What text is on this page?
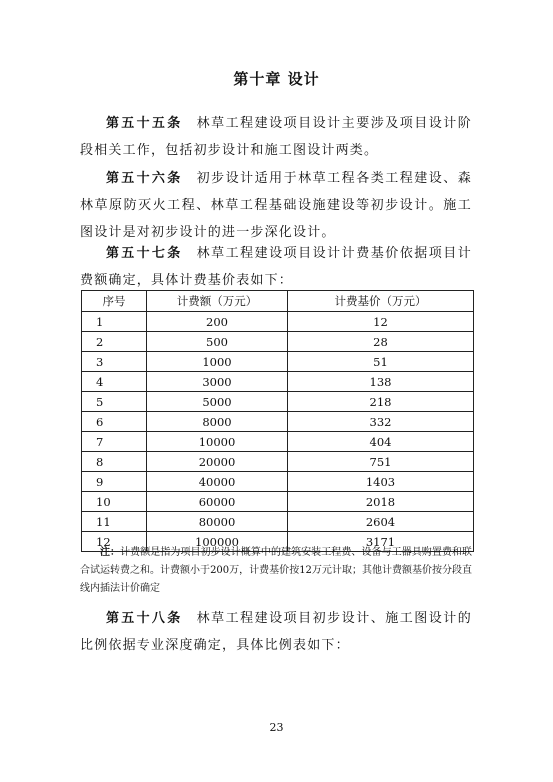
第十章 设计
第五十五条 林草工程建设项目设计主要涉及项目设计阶段相关工作，包括初步设计和施工图设计两类。
第五十六条 初步设计适用于林草工程各类工程建设、森林草原防灭火工程、林草工程基础设施建设等初步设计。施工图设计是对初步设计的进一步深化设计。
第五十七条 林草工程建设项目设计计费基价依据项目计费额确定，具体计费基价表如下：
序号	计费额（万元）	计费基价（万元）
1	200	12
2	500	28
3	1000	51
4	3000	138
5	5000	218
6	8000	332
7	10000	404
8	20000	751
9	40000	1403
10	60000	2018
11	80000	2604
12	100000	3171
注：计费额是指为项目初步设计概算中的建筑安装工程费、设备与工器具购置费和联合试运转费之和。计费额小于200万，计费基价按12万元计取；其他计费额基价按分段直线内插法计价确定
第五十八条 林草工程建设项目初步设计、施工图设计的比例依据专业深度确定，具体比例表如下：
23
